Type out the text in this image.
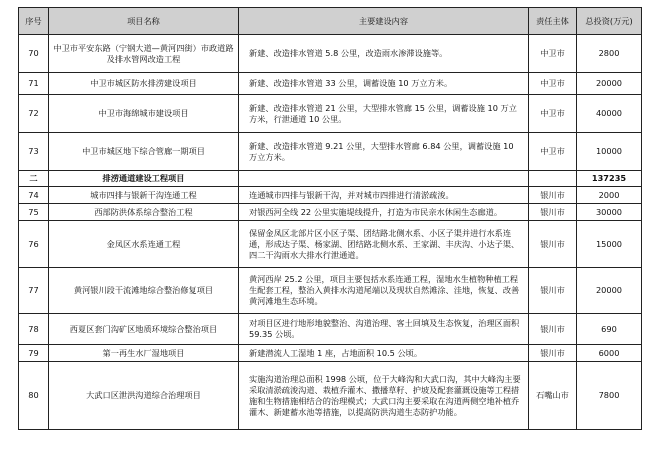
序号	项目名称	主要建设内容	责任主体	总投资(万元)
70	中卫市平安东路（宁钢大道—黄河四街）市政道路及排水管网改造工程	新建、改造排水管道 5.8 公里，改造雨水渗滞设施等。	中卫市	2800
71	中卫市城区防水排涝建设项目	新建、改造排水管道 33 公里，调蓄设施 10 万立方米。	中卫市	20000
72	中卫市海绵城市建设项目	新建、改造排水管道 21 公里，大型排水管廊 15 公里，调蓄设施 10 万立方米，行泄通道 10 公里。	中卫市	40000
73	中卫市城区地下综合管廊一期项目	新建、改造排水管道 9.21 公里，大型排水管廊 6.84 公里，调蓄设施 10 万立方米。	中卫市	10000
二	排涝通道建设工程项目			137235
74	城市四排与银新干沟连通工程	连通城市四排与银新干沟，并对城市四排进行清淤疏浚。	银川市	2000
75	西部防洪体系综合整治工程	对银西河全线 22 公里实施堤线提升，打造为市民亲水休闲生态廊道。	银川市	30000
76	金凤区水系连通工程	保留金凤区北部片区小区子渠、团结路北侧水系、小区子渠并进行水系连通，形成达子渠、杨家湖、团结路北侧水系、王家湖、丰庆沟、小达子渠、四二干沟雨水大排水行泄通道。	银川市	15000
77	黄河银川段干流滩地综合整治修复项目	黄河西岸 25.2 公里，项目主要包括水系连通工程，湿地水生植物种植工程生配套工程，整治入黄排水沟道尾端以及现状自然滩涂、洼地，恢复、改善黄河滩地生态环境。	银川市	20000
78	西夏区套门沟矿区地质环境综合整治项目	对项目区进行地形地貌整治、沟道治理、客土回填及生态恢复，治理区面积 59.35 公顷。	银川市	690
79	第一再生水厂湿地项目	新建潜流人工湿地 1 座，占地面积 10.5 公顷。	银川市	6000
80	大武口区泄洪沟道综合治理项目	实施沟道治理总面积 1998 公顷，位于大峰沟和大武口沟，其中大峰沟主要采取清淤疏浚沟道、栽植乔灌木、撒播草籽、护坡及配套灌溉设施等工程措施和生物措施相结合的治理模式；大武口沟主要采取在沟道两侧空地补植乔灌木、新建蓄水池等措施，以提高防洪沟道生态防护功能。	石嘴山市	7800
